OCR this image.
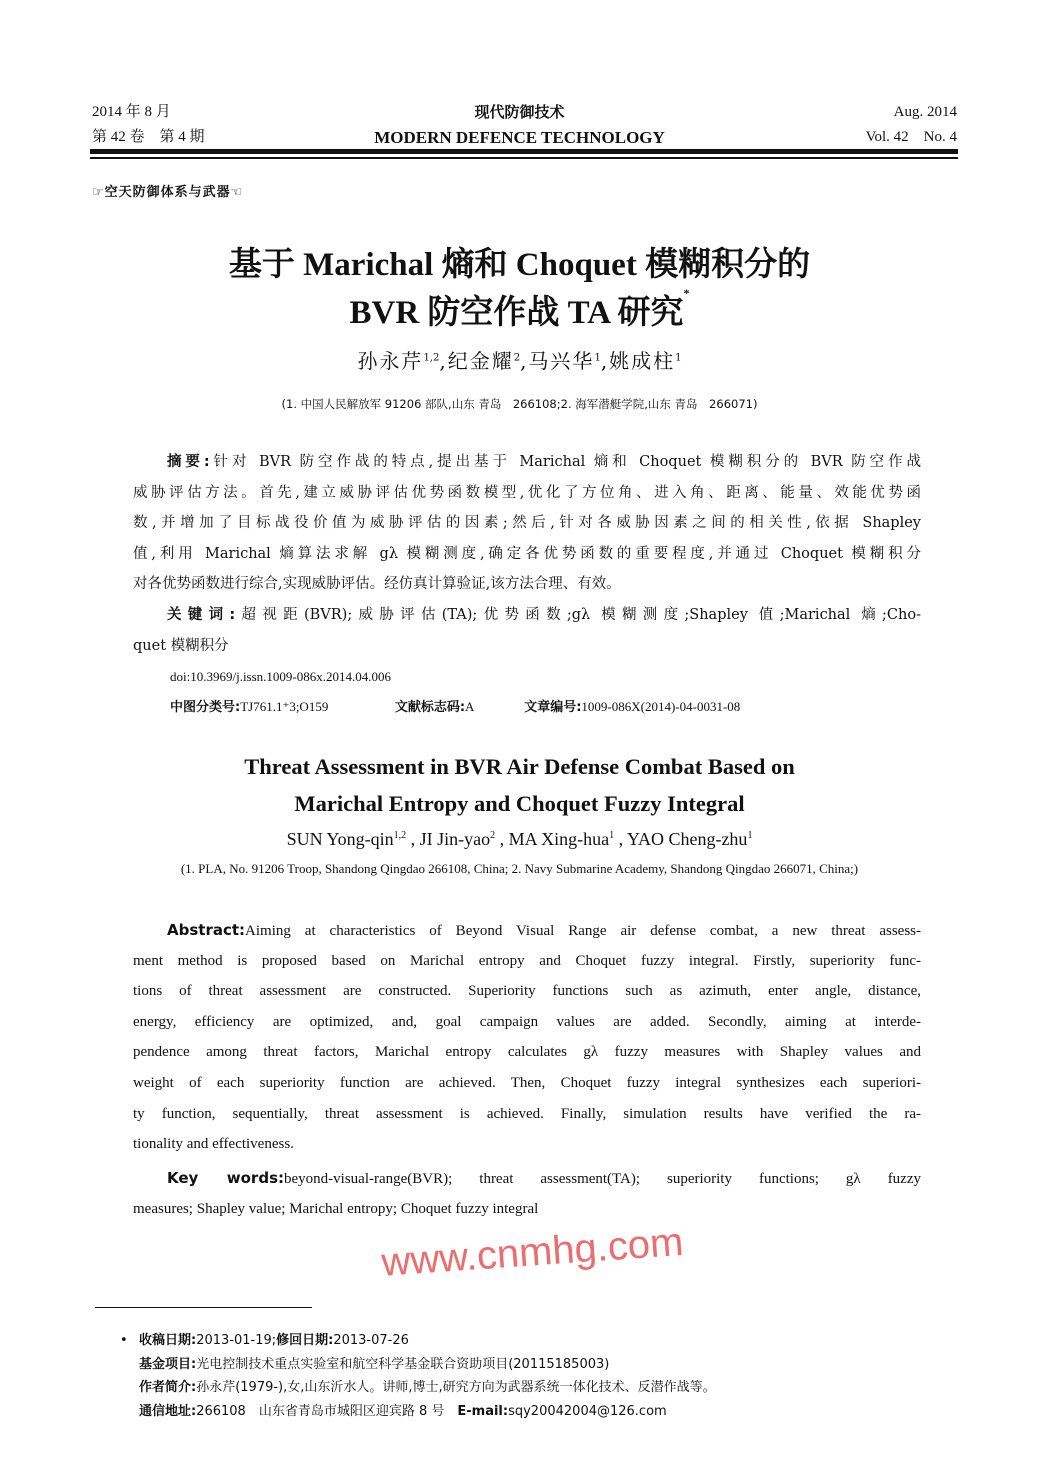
2014 年 8 月
第 42 卷　第 4 期
现代防御技术
MODERN DEFENCE TECHNOLOGY
Aug. 2014
Vol. 42　No. 4
☞空天防御体系与武器☜
基于 Marichal 熵和 Choquet 模糊积分的
BVR 防空作战 TA 研究*
孙永芹$^{1,2}$,纪金耀$^2$,马兴华$^1$,姚成柱$^1$
(1. 中国人民解放军 91206 部队,山东 青岛　266108;2. 海军潜艇学院,山东 青岛　266071)
摘要:针对 BVR 防空作战的特点,提出基于 Marichal 熵和 Choquet 模糊积分的 BVR 防空作战
威胁评估方法。首先,建立威胁评估优势函数模型,优化了方位角、进入角、距离、能量、效能优势函
数,并增加了目标战役价值为威胁评估的因素;然后,针对各威胁因素之间的相关性,依据 Shapley
值,利用 Marichal 熵算法求解 gλ 模糊测度,确定各优势函数的重要程度,并通过 Choquet 模糊积分
对各优势函数进行综合,实现威胁评估。经仿真计算验证,该方法合理、有效。
关键词:超视距(BVR);威胁评估(TA);优势函数;gλ 模糊测度;Shapley 值;Marichal 熵;Cho-
quet 模糊积分
doi:10.3969/j.issn.1009-086x.2014.04.006
中图分类号:TJ761.1⁺3;O159	文献标志码:A	文章编号:1009-086X(2014)-04-0031-08
Threat Assessment in BVR Air Defense Combat Based on
Marichal Entropy and Choquet Fuzzy Integral
SUN Yong-qin$^{1,2}$ , JI Jin-yao$^2$ , MA Xing-hua$^1$ , YAO Cheng-zhu$^1$
(1. PLA, No. 91206 Troop, Shandong Qingdao 266108, China; 2. Navy Submarine Academy, Shandong Qingdao 266071, China;)
Abstract:Aiming at characteristics of Beyond Visual Range air defense combat, a new threat assess-
ment method is proposed based on Marichal entropy and Choquet fuzzy integral. Firstly, superiority func-
tions of threat assessment are constructed. Superiority functions such as azimuth, enter angle, distance,
energy, efficiency are optimized, and, goal campaign values are added. Secondly, aiming at interde-
pendence among threat factors, Marichal entropy calculates gλ fuzzy measures with Shapley values and
weight of each superiority function are achieved. Then, Choquet fuzzy integral synthesizes each superiori-
ty function, sequentially, threat assessment is achieved. Finally, simulation results have verified the ra-
tionality and effectiveness.
Key words:beyond-visual-range(BVR); threat assessment(TA); superiority functions; gλ fuzzy
measures; Shapley value; Marichal entropy; Choquet fuzzy integral
www.cnmhg.com
• 收稿日期:2013-01-19;修回日期:2013-07-26
基金项目:光电控制技术重点实验室和航空科学基金联合资助项目(20115185003)
作者简介:孙永芹(1979-),女,山东沂水人。讲师,博士,研究方向为武器系统一体化技术、反潜作战等。
通信地址:266108　山东省青岛市城阳区迎宾路 8 号　E-mail:sqy20042004@126.com
